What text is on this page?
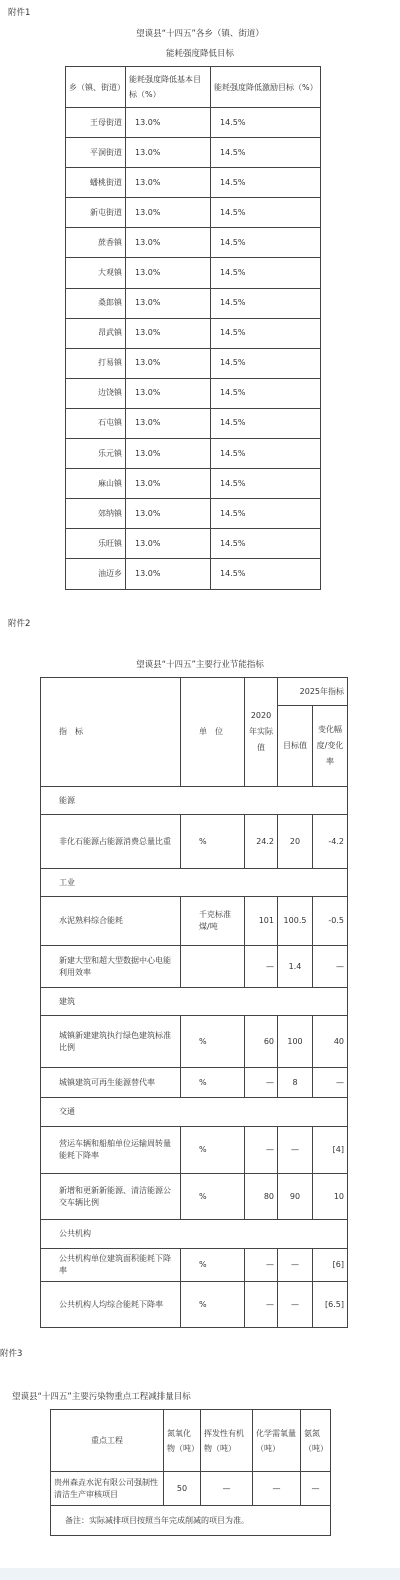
附件1
望谟县“十四五”各乡（镇、街道）
能耗强度降低目标
乡（镇、街道）	能耗强度降低基本目标（%）	能耗强度降低激励目标（%）
王母街道	13.0%	14.5%
平洞街道	13.0%	14.5%
蟠桃街道	13.0%	14.5%
新屯街道	13.0%	14.5%
蔗香镇	13.0%	14.5%
大观镇	13.0%	14.5%
桑郎镇	13.0%	14.5%
昂武镇	13.0%	14.5%
打易镇	13.0%	14.5%
边饶镇	13.0%	14.5%
石屯镇	13.0%	14.5%
乐元镇	13.0%	14.5%
麻山镇	13.0%	14.5%
郊纳镇	13.0%	14.5%
乐旺镇	13.0%	14.5%
油迈乡	13.0%	14.5%
附件2
望谟县“十四五”主要行业节能指标
指　标	单　位	2020年实际值	2025年指标	
			目标值	变化幅度/变化率
能源				
非化石能源占能源消费总量比重	%	24.2	20	-4.2
工业				
水泥熟料综合能耗	千克标准煤/吨	101	100.5	-0.5
新建大型和超大型数据中心电能利用效率		—	1.4	—
建筑				
城镇新建建筑执行绿色建筑标准比例	%	60	100	40
城镇建筑可再生能源替代率	%	—	8	—
交通				
营运车辆和船舶单位运输周转量能耗下降率	%	—	—	[4]
新增和更新新能源、清洁能源公交车辆比例	%	80	90	10
公共机构				
公共机构单位建筑面积能耗下降率	%	—	—	[6]
公共机构人均综合能耗下降率	%	—	—	[6.5]
附件3
望谟县“十四五”主要污染物重点工程减排量目标
重点工程	氮氧化物（吨）	挥发性有机物（吨）	化学需氧量（吨）	氨氮（吨）
贵州森垚水泥有限公司强制性清洁生产审核项目	50	—	—	—
备注：实际减排项目按照当年完成削减的项目为准。				
